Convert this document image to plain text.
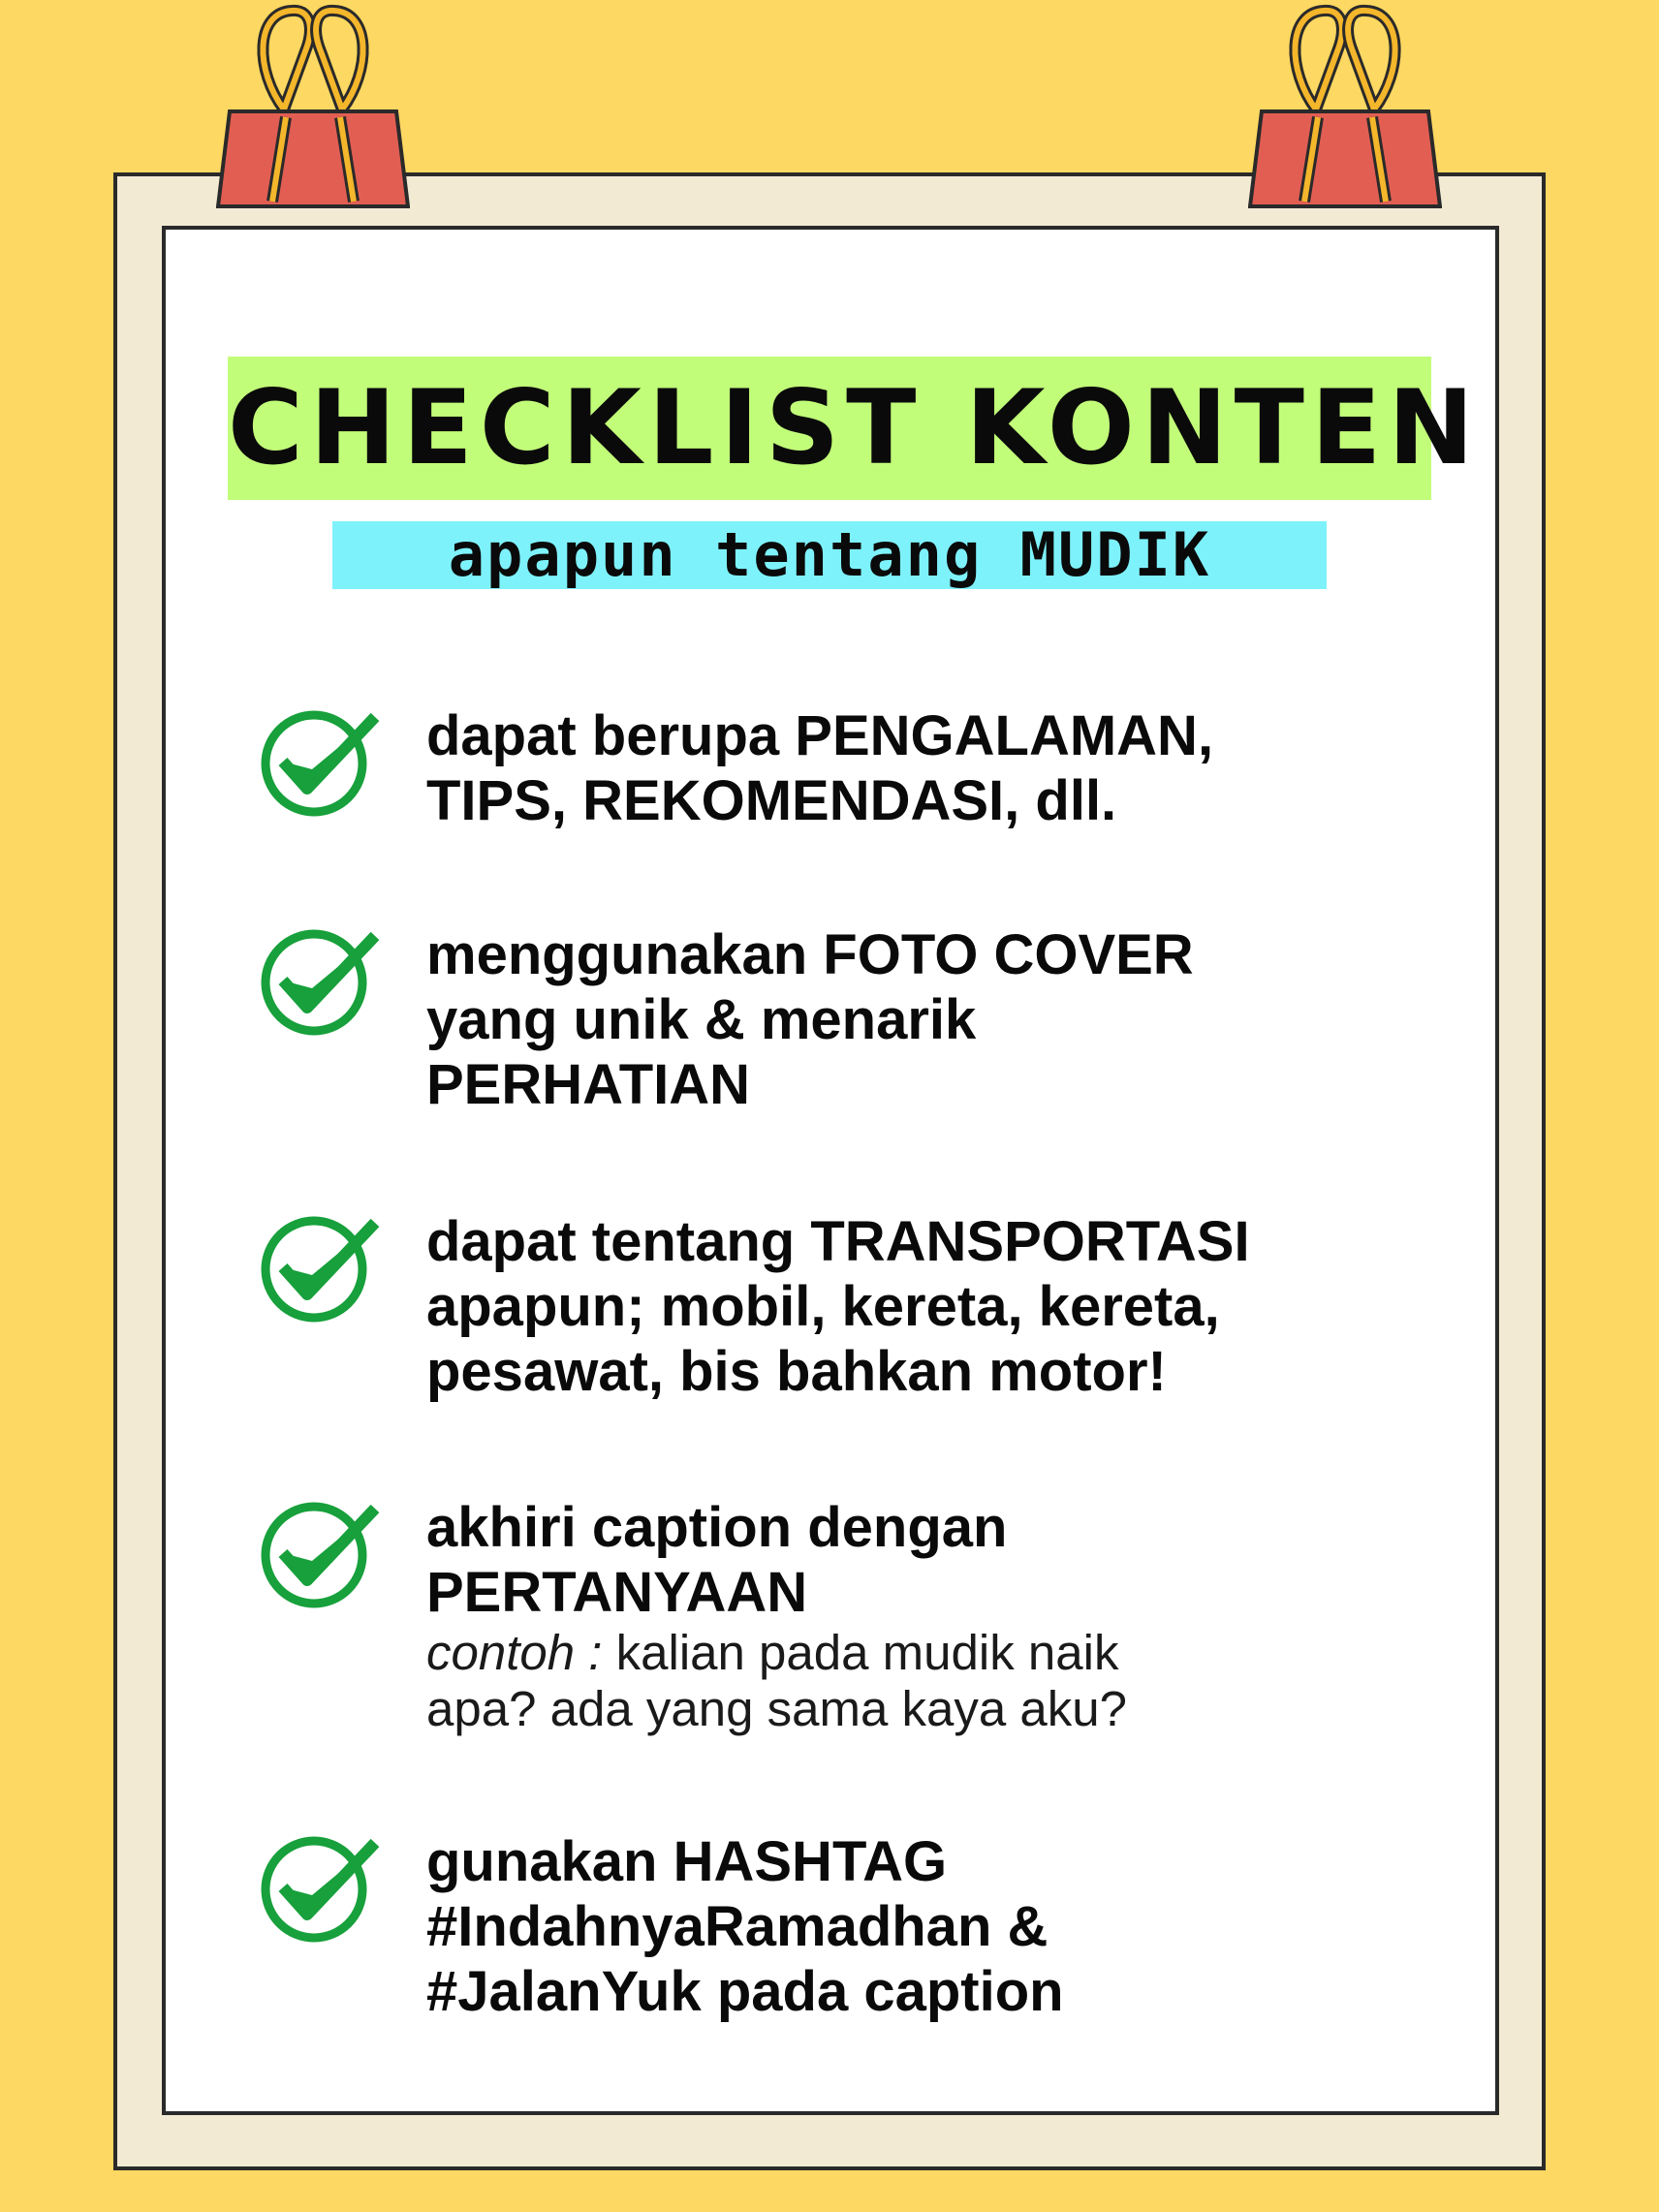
CHECKLIST KONTEN
apapun tentang MUDIK
dapat berupa PENGALAMAN,
TIPS, REKOMENDASI, dll.
menggunakan FOTO COVER
yang unik & menarik
PERHATIAN
dapat tentang TRANSPORTASI
apapun; mobil, kereta, kereta,
pesawat, bis bahkan motor!
akhiri caption dengan
PERTANYAAN
contoh : kalian pada mudik naik
apa? ada yang sama kaya aku?
gunakan HASHTAG
#IndahnyaRamadhan &
#JalanYuk pada caption
